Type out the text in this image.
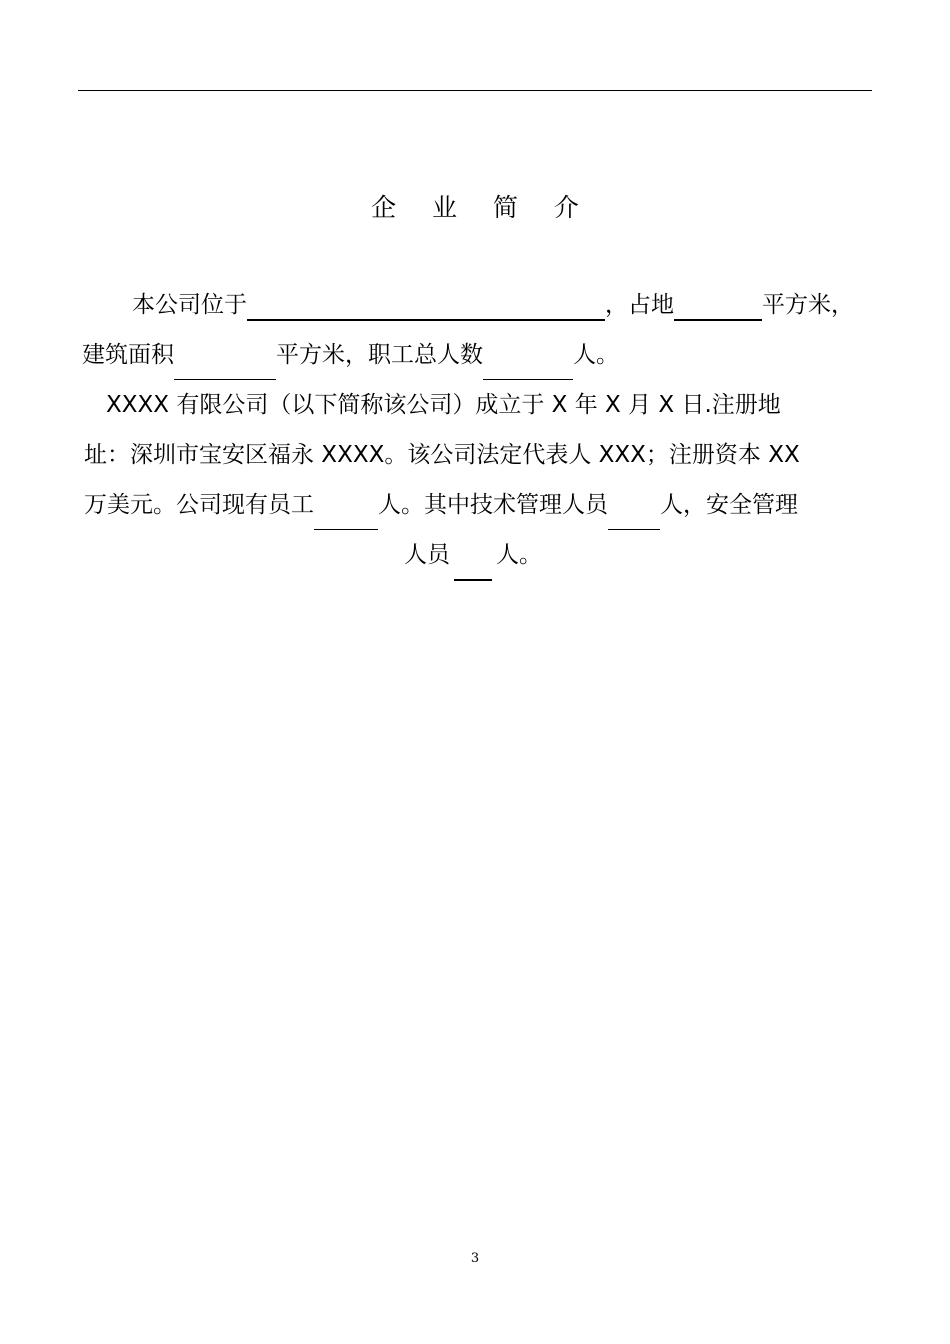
企 业 简 介
本公司位于	，占地	平方米，
建筑面积	平方米，职工总人数	人。
XXXX 有限公司（以下简称该公司）成立于 X 年 X 月 X 日.注册地
址：深圳市宝安区福永 XXXX。该公司法定代表人 XXX；注册资本 XX
万美元。公司现有员工	人。其中技术管理人员 人，安全管理
人员 人。
3
